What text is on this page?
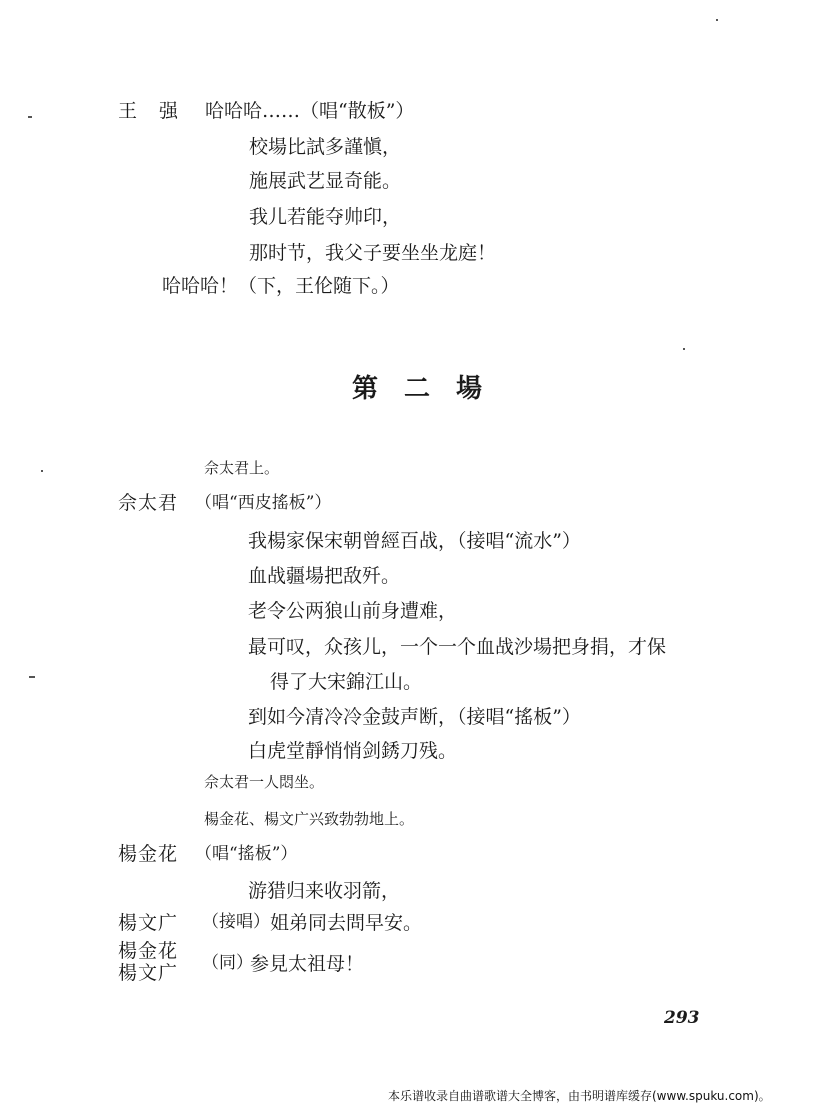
王 强 哈哈哈……（唱“散板”）
校場比試多謹愼，
施展武艺显奇能。
我儿若能夺帅印，
那时节，我父子要坐坐龙庭！
哈哈哈！（下，王伦随下。）
第　二　場
佘太君上。
佘太君 （唱“西皮搖板”）
我楊家保宋朝曾經百战，（接唱“流水”）
血战疆場把敌歼。
老令公两狼山前身遭难，
最可叹，众孩儿，一个一个血战沙場把身捐，才保
得了大宋錦江山。
到如今凊冷冷金鼓声断，（接唱“搖板”）
白虎堂靜悄悄剑銹刀残。
佘太君一人悶坐。
楊金花、楊文广兴致勃勃地上。
楊金花 （唱“搖板”）
游猎归来收羽箭，
楊文广 （接唱） 姐弟同去問早安。
楊金花
楊文广 （同）
参見太祖母！
293
本乐谱收录自曲谱歌谱大全博客，由书明谱库缓存(www.spuku.com)。
